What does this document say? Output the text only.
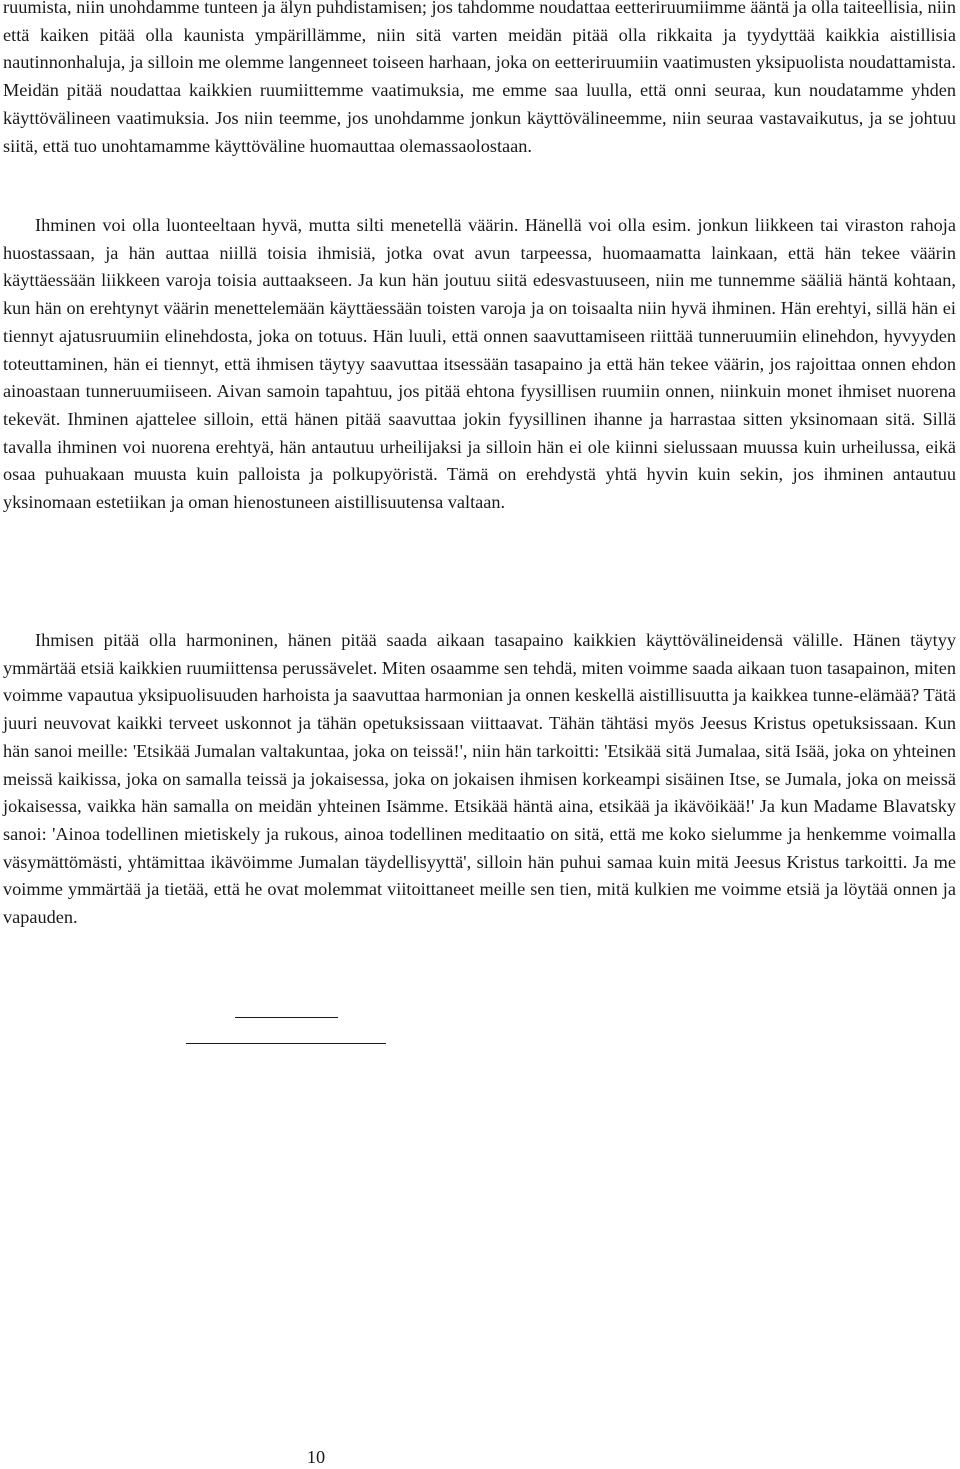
ruumista, niin unohdamme tunteen ja älyn puhdistamisen; jos tahdomme noudattaa eetteriruumiimme ääntä ja olla taiteellisia, niin että kaiken pitää olla kaunista ympärillämme, niin sitä varten meidän pitää olla rikkaita ja tyydyttää kaikkia aistillisia nautinnonhaluja, ja silloin me olemme langenneet toiseen harhaan, joka on eetteriruumiin vaatimusten yksipuolista noudattamista. Meidän pitää noudattaa kaikkien ruumiittemme vaatimuksia, me emme saa luulla, että onni seuraa, kun noudatamme yhden käyttövälineen vaatimuksia. Jos niin teemme, jos unohdamme jonkun käyttövälineemme, niin seuraa vastavaikutus, ja se johtuu siitä, että tuo unohtamamme käyttöväline huomauttaa olemassaolostaan.

Ihminen voi olla luonteeltaan hyvä, mutta silti menetellä väärin. Hänellä voi olla esim. jonkun liikkeen tai viraston rahoja huostassaan, ja hän auttaa niillä toisia ihmisiä, jotka ovat avun tarpeessa, huomaamatta lainkaan, että hän tekee väärin käyttäessään liikkeen varoja toisia auttaakseen. Ja kun hän joutuu siitä edesvastuuseen, niin me tunnemme sääliä häntä kohtaan, kun hän on erehtynyt väärin menettelemään käyttäessään toisten varoja ja on toisaalta niin hyvä ihminen. Hän erehtyi, sillä hän ei tiennyt ajatusruumiin elinehdosta, joka on totuus. Hän luuli, että onnen saavuttamiseen riittää tunneruumiin elinehdon, hyvyyden toteuttaminen, hän ei tiennyt, että ihmisen täytyy saavuttaa itsessään tasapaino ja että hän tekee väärin, jos rajoittaa onnen ehdon ainoastaan tunneruumiiseen. Aivan samoin tapahtuu, jos pitää ehtona fyysillisen ruumiin onnen, niinkuin monet ihmiset nuorena tekevät. Ihminen ajattelee silloin, että hänen pitää saavuttaa jokin fyysillinen ihanne ja harrastaa sitten yksinomaan sitä. Sillä tavalla ihminen voi nuorena erehtyä, hän antautuu urheilijaksi ja silloin hän ei ole kiinni sielussaan muussa kuin urheilussa, eikä osaa puhuakaan muusta kuin palloista ja polkupyöristä. Tämä on erehdystä yhtä hyvin kuin sekin, jos ihminen antautuu yksinomaan estetiikan ja oman hienostuneen aistillisuutensa valtaan.

Ihmisen pitää olla harmoninen, hänen pitää saada aikaan tasapaino kaikkien käyttövälineidensä välille. Hänen täytyy ymmärtää etsiä kaikkien ruumiittensa perussävelet. Miten osaamme sen tehdä, miten voimme saada aikaan tuon tasapainon, miten voimme vapautua yksipuolisuuden harhoista ja saavuttaa harmonian ja onnen keskellä aistillisuutta ja kaikkea tunne-elämää? Tätä juuri neuvovat kaikki terveet uskonnot ja tähän opetuksissaan viittaavat. Tähän tähtäsi myös Jeesus Kristus opetuksissaan. Kun hän sanoi meille: 'Etsikää Jumalan valtakuntaa, joka on teissä!', niin hän tarkoitti: 'Etsikää sitä Jumalaa, sitä Isää, joka on yhteinen meissä kaikissa, joka on samalla teissä ja jokaisessa, joka on jokaisen ihmisen korkeampi sisäinen Itse, se Jumala, joka on meissä jokaisessa, vaikka hän samalla on meidän yhteinen Isämme. Etsikää häntä aina, etsikää ja ikävöikää!' Ja kun Madame Blavatsky sanoi: 'Ainoa todellinen mietiskely ja rukous, ainoa todellinen meditaatio on sitä, että me koko sielumme ja henkemme voimalla väsymättömästi, yhtämittaa ikävöimme Jumalan täydellisyyttä', silloin hän puhui samaa kuin mitä Jeesus Kristus tarkoitti. Ja me voimme ymmärtää ja tietää, että he ovat molemmat viitoittaneet meille sen tien, mitä kulkien me voimme etsiä ja löytää onnen ja vapauden.

10
